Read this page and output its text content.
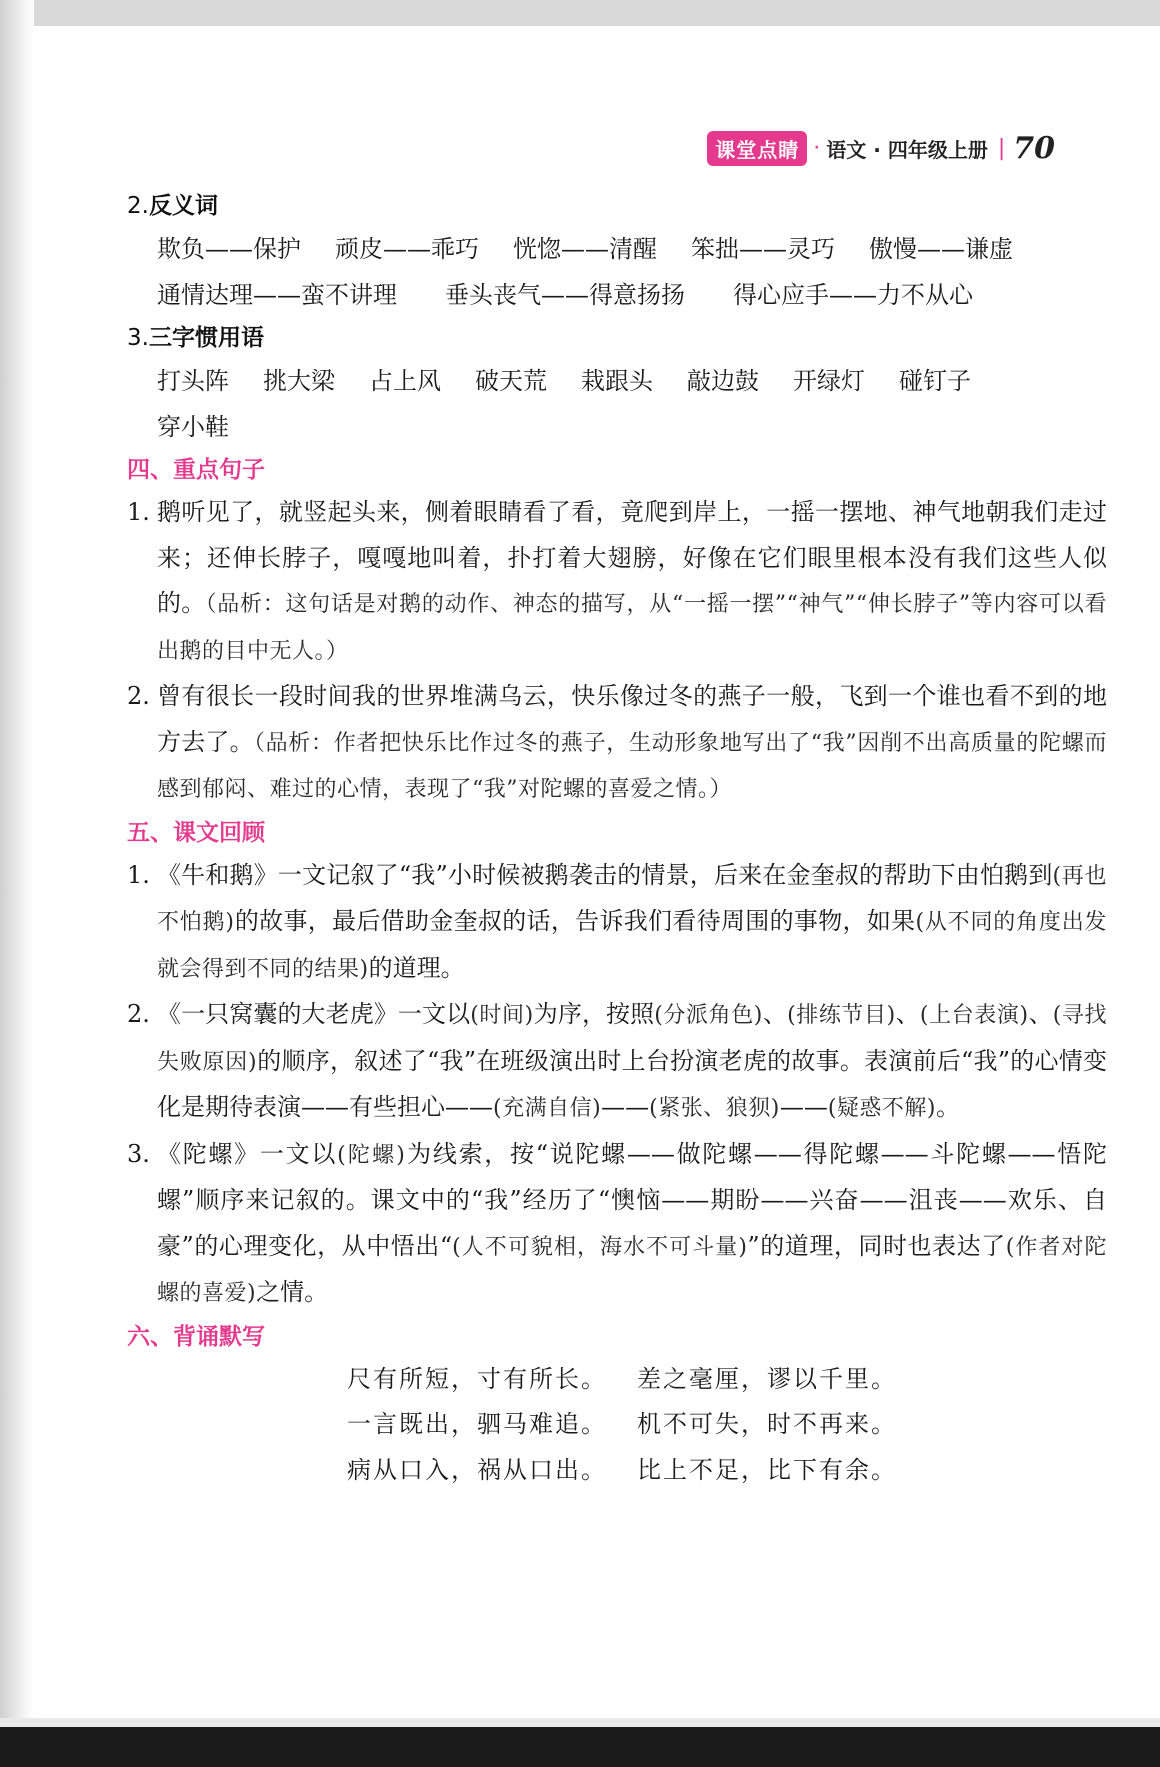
课堂点睛 · 语文 · 四年级上册 | 70
2.反义词
欺负——保护 顽皮——乖巧 恍惚——清醒 笨拙——灵巧 傲慢——谦虚
通情达理——蛮不讲理 垂头丧气——得意扬扬 得心应手——力不从心
3.三字惯用语
打头阵 挑大梁 占上风 破天荒 栽跟头 敲边鼓 开绿灯 碰钉子
穿小鞋
四、重点句子
1. 鹅听见了，就竖起头来，侧着眼睛看了看，竟爬到岸上，一摇一摆地、神气地朝我们走过来；还伸长脖子，嘎嘎地叫着，扑打着大翅膀，好像在它们眼里根本没有我们这些人似的。（品析：这句话是对鹅的动作、神态的描写，从“一摇一摆”“神气”“伸长脖子”等内容可以看出鹅的目中无人。）
2. 曾有很长一段时间我的世界堆满乌云，快乐像过冬的燕子一般，飞到一个谁也看不到的地方去了。（品析：作者把快乐比作过冬的燕子，生动形象地写出了“我”因削不出高质量的陀螺而感到郁闷、难过的心情，表现了“我”对陀螺的喜爱之情。）
五、课文回顾
1. 《牛和鹅》一文记叙了“我”小时候被鹅袭击的情景，后来在金奎叔的帮助下由怕鹅到(再也不怕鹅)的故事，最后借助金奎叔的话，告诉我们看待周围的事物，如果(从不同的角度出发就会得到不同的结果)的道理。
2. 《一只窝囊的大老虎》一文以(时间)为序，按照(分派角色)、(排练节目)、(上台表演)、(寻找失败原因)的顺序，叙述了“我”在班级演出时上台扮演老虎的故事。表演前后“我”的心情变化是期待表演——有些担心——(充满自信)——(紧张、狼狈)——(疑惑不解)。
3. 《陀螺》一文以(陀螺)为线索，按“说陀螺——做陀螺——得陀螺——斗陀螺——悟陀螺”顺序来记叙的。课文中的“我”经历了“懊恼——期盼——兴奋——沮丧——欢乐、自豪”的心理变化，从中悟出“(人不可貌相，海水不可斗量)”的道理，同时也表达了(作者对陀螺的喜爱)之情。
六、背诵默写
尺有所短，寸有所长。 差之毫厘，谬以千里。
一言既出，驷马难追。 机不可失，时不再来。
病从口入，祸从口出。 比上不足，比下有余。
